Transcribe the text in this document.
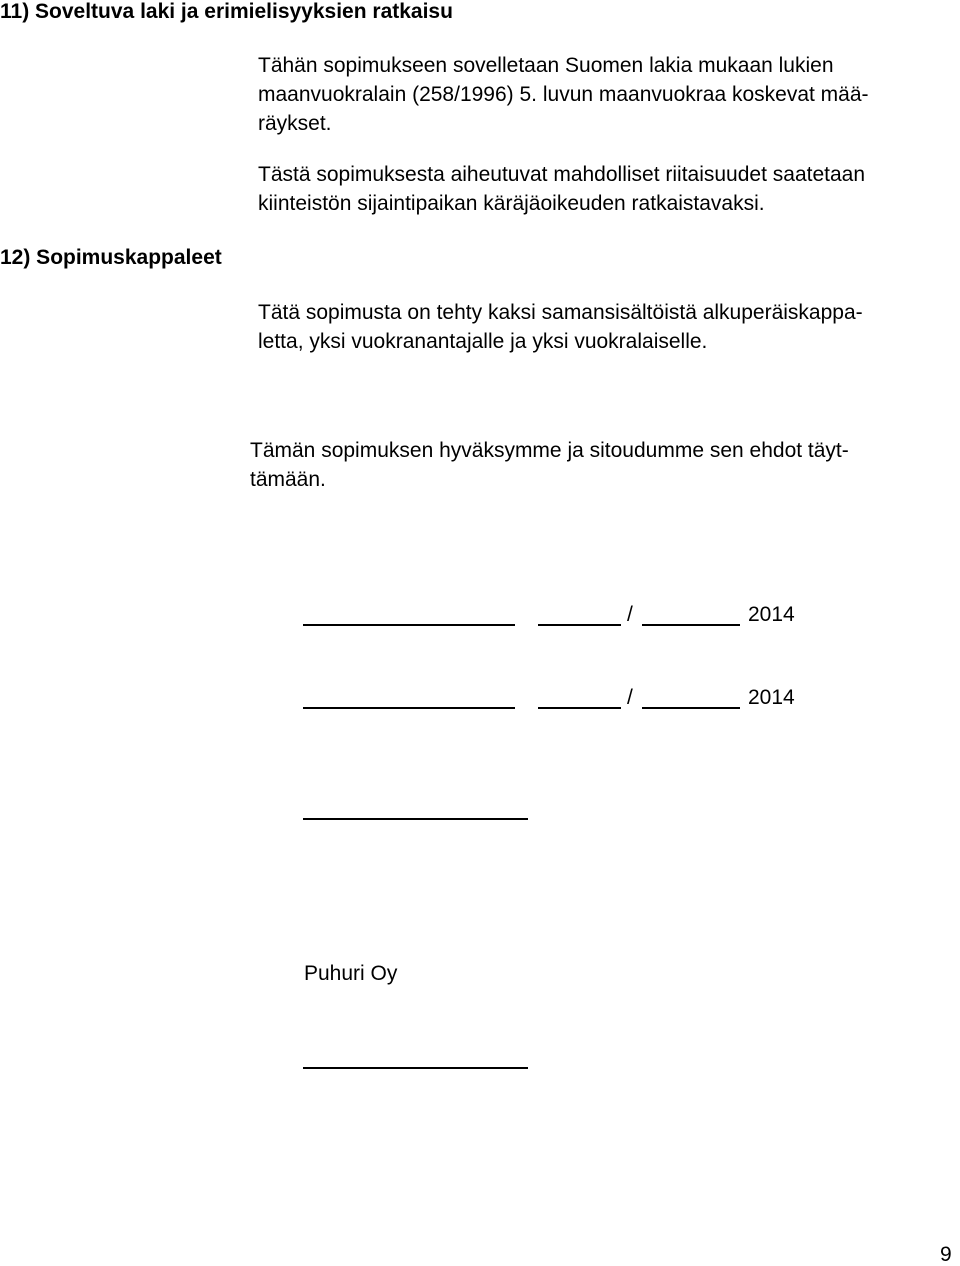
11) Soveltuva laki ja erimielisyyksien ratkaisu
Tähän sopimukseen sovelletaan Suomen lakia mukaan lukien
maanvuokralain (258/1996) 5. luvun maanvuokraa koskevat mää-
räykset.
Tästä sopimuksesta aiheutuvat mahdolliset riitaisuudet saatetaan
kiinteistön sijaintipaikan käräjäoikeuden ratkaistavaksi.
12) Sopimuskappaleet
Tätä sopimusta on tehty kaksi samansisältöistä alkuperäiskappa-
letta, yksi vuokranantajalle ja yksi vuokralaiselle.
Tämän sopimuksen hyväksymme ja sitoudumme sen ehdot täyt-
tämään.
/	2014
/	2014
Puhuri Oy
9
